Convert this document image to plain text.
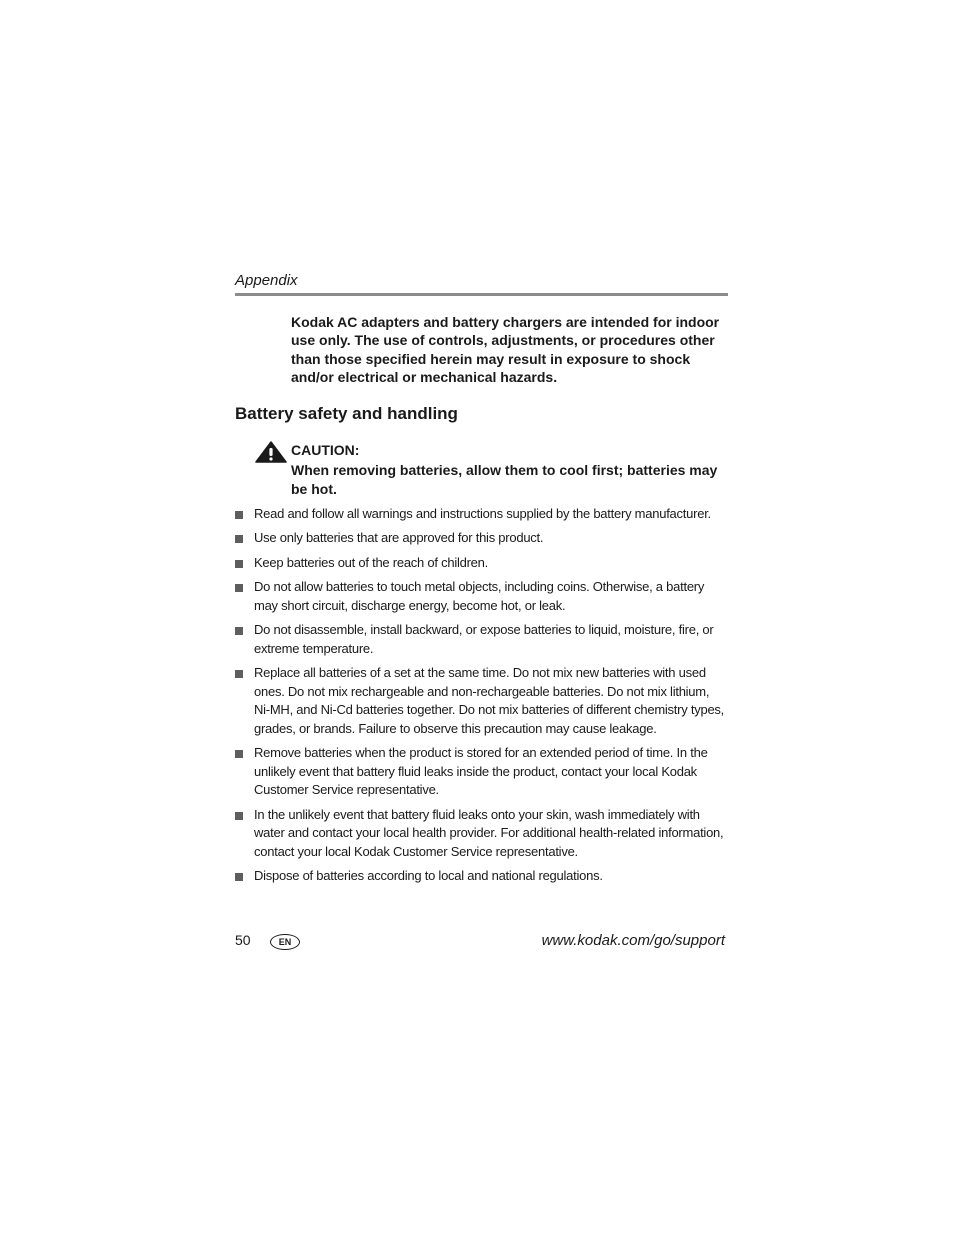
Appendix

Kodak AC adapters and battery chargers are intended for indoor use only. The use of controls, adjustments, or procedures other than those specified herein may result in exposure to shock and/or electrical or mechanical hazards.

Battery safety and handling
CAUTION:
When removing batteries, allow them to cool first; batteries may be hot.
Read and follow all warnings and instructions supplied by the battery manufacturer.
Use only batteries that are approved for this product.
Keep batteries out of the reach of children.
Do not allow batteries to touch metal objects, including coins. Otherwise, a battery may short circuit, discharge energy, become hot, or leak.
Do not disassemble, install backward, or expose batteries to liquid, moisture, fire, or extreme temperature.
Replace all batteries of a set at the same time. Do not mix new batteries with used ones. Do not mix rechargeable and non-rechargeable batteries. Do not mix lithium, Ni-MH, and Ni-Cd batteries together. Do not mix batteries of different chemistry types, grades, or brands. Failure to observe this precaution may cause leakage.
Remove batteries when the product is stored for an extended period of time. In the unlikely event that battery fluid leaks inside the product, contact your local Kodak Customer Service representative.
In the unlikely event that battery fluid leaks onto your skin, wash immediately with water and contact your local health provider. For additional health-related information, contact your local Kodak Customer Service representative.
Dispose of batteries according to local and national regulations.
50	EN	www.kodak.com/go/support
